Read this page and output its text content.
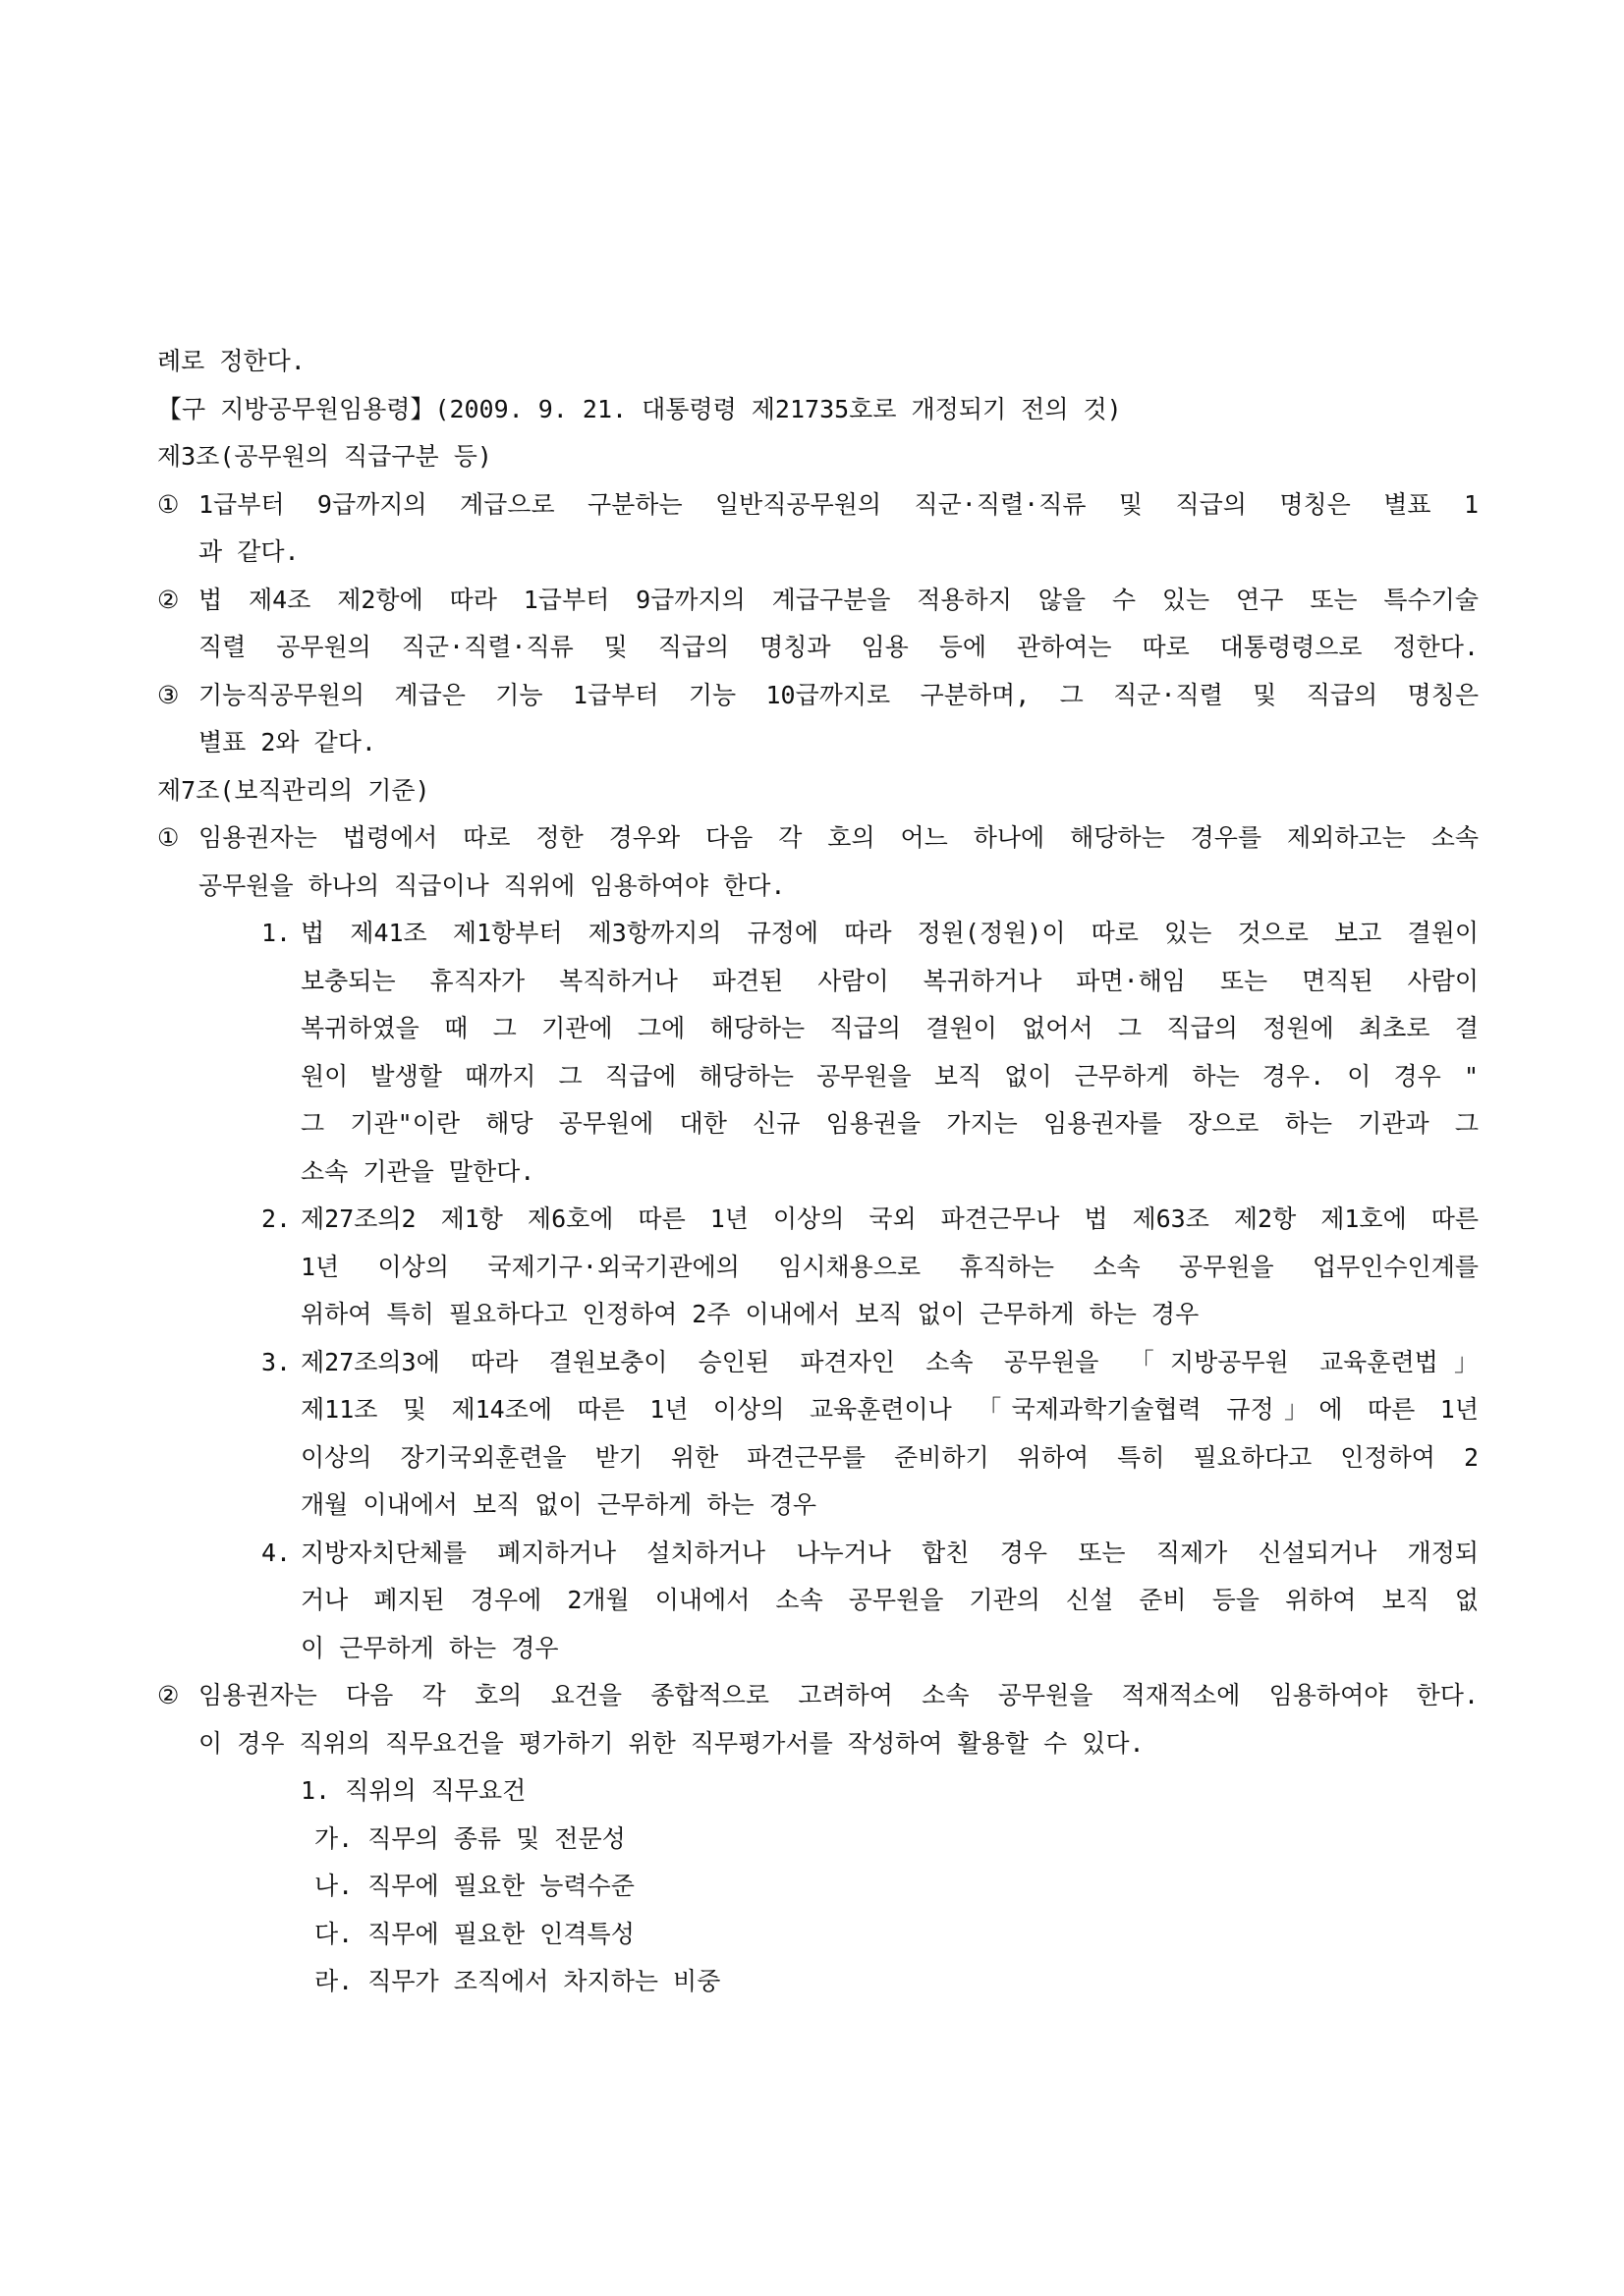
례로 정한다.
【구 지방공무원임용령】(2009. 9. 21. 대통령령 제21735호로 개정되기 전의 것)
제3조(공무원의 직급구분 등)
① 1급부터 9급까지의 계급으로 구분하는 일반직공무원의 직군·직렬·직류 및 직급의 명칭은 별표 1
과 같다.
② 법 제4조 제2항에 따라 1급부터 9급까지의 계급구분을 적용하지 않을 수 있는 연구 또는 특수기술
직렬 공무원의 직군·직렬·직류 및 직급의 명칭과 임용 등에 관하여는 따로 대통령령으로 정한다.
③ 기능직공무원의 계급은 기능 1급부터 기능 10급까지로 구분하며, 그 직군·직렬 및 직급의 명칭은
별표 2와 같다.
제7조(보직관리의 기준)
① 임용권자는 법령에서 따로 정한 경우와 다음 각 호의 어느 하나에 해당하는 경우를 제외하고는 소속
공무원을 하나의 직급이나 직위에 임용하여야 한다.
1. 법 제41조 제1항부터 제3항까지의 규정에 따라 정원(정원)이 따로 있는 것으로 보고 결원이
보충되는 휴직자가 복직하거나 파견된 사람이 복귀하거나 파면·해임 또는 면직된 사람이
복귀하였을 때 그 기관에 그에 해당하는 직급의 결원이 없어서 그 직급의 정원에 최초로 결
원이 발생할 때까지 그 직급에 해당하는 공무원을 보직 없이 근무하게 하는 경우. 이 경우 "
그 기관"이란 해당 공무원에 대한 신규 임용권을 가지는 임용권자를 장으로 하는 기관과 그
소속 기관을 말한다.
2. 제27조의2 제1항 제6호에 따른 1년 이상의 국외 파견근무나 법 제63조 제2항 제1호에 따른
1년 이상의 국제기구·외국기관에의 임시채용으로 휴직하는 소속 공무원을 업무인수인계를
위하여 특히 필요하다고 인정하여 2주 이내에서 보직 없이 근무하게 하는 경우
3. 제27조의3에 따라 결원보충이 승인된 파견자인 소속 공무원을 「지방공무원 교육훈련법」
제11조 및 제14조에 따른 1년 이상의 교육훈련이나 「국제과학기술협력 규정」에 따른 1년
이상의 장기국외훈련을 받기 위한 파견근무를 준비하기 위하여 특히 필요하다고 인정하여 2
개월 이내에서 보직 없이 근무하게 하는 경우
4. 지방자치단체를 폐지하거나 설치하거나 나누거나 합친 경우 또는 직제가 신설되거나 개정되
거나 폐지된 경우에 2개월 이내에서 소속 공무원을 기관의 신설 준비 등을 위하여 보직 없
이 근무하게 하는 경우
② 임용권자는 다음 각 호의 요건을 종합적으로 고려하여 소속 공무원을 적재적소에 임용하여야 한다.
이 경우 직위의 직무요건을 평가하기 위한 직무평가서를 작성하여 활용할 수 있다.
1. 직위의 직무요건
가. 직무의 종류 및 전문성
나. 직무에 필요한 능력수준
다. 직무에 필요한 인격특성
라. 직무가 조직에서 차지하는 비중
